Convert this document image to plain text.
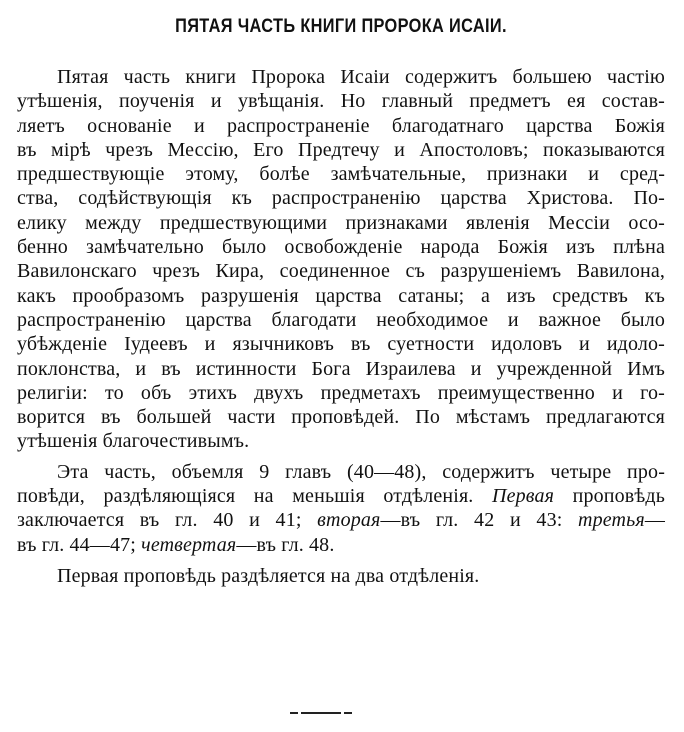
ПЯТАЯ ЧАСТЬ КНИГИ ПРОРОКА ИСАІИ.
Пятая часть книги Пророка Исаіи содержитъ большею частію
утѣшенія, поученія и увѣщанія. Но главный предметъ ея состав-
ляетъ основаніе и распространеніе благодатнаго царства Божія
въ мірѣ чрезъ Мессію, Его Предтечу и Апостоловъ; показываются
предшествующіе этому, болѣе замѣчательные, признаки и сред-
ства, содѣйствующія къ распространенію царства Христова. По-
елику между предшествующими признаками явленія Мессіи осо-
бенно замѣчательно было освобожденіе народа Божія изъ плѣна
Вавилонскаго чрезъ Кира, соединенное съ разрушеніемъ Вавилона,
какъ прообразомъ разрушенія царства сатаны; а изъ средствъ къ
распространенію царства благодати необходимое и важное было
убѣжденіе Іудеевъ и язычниковъ въ суетности идоловъ и идоло-
поклонства, и въ истинности Бога Израилева и учрежденной Имъ
религіи: то объ этихъ двухъ предметахъ преимущественно и го-
ворится въ большей части проповѣдей. По мѣстамъ предлагаются
утѣшенія благочестивымъ.
Эта часть, объемля 9 главъ (40—48), содержитъ четыре про-
повѣди, раздѣляющіяся на меньшія отдѣленія. Первая проповѣдь
заключается въ гл. 40 и 41; вторая—въ гл. 42 и 43: третья—
въ гл. 44—47; четвертая—въ гл. 48.
Первая проповѣдь раздѣляется на два отдѣленія.
